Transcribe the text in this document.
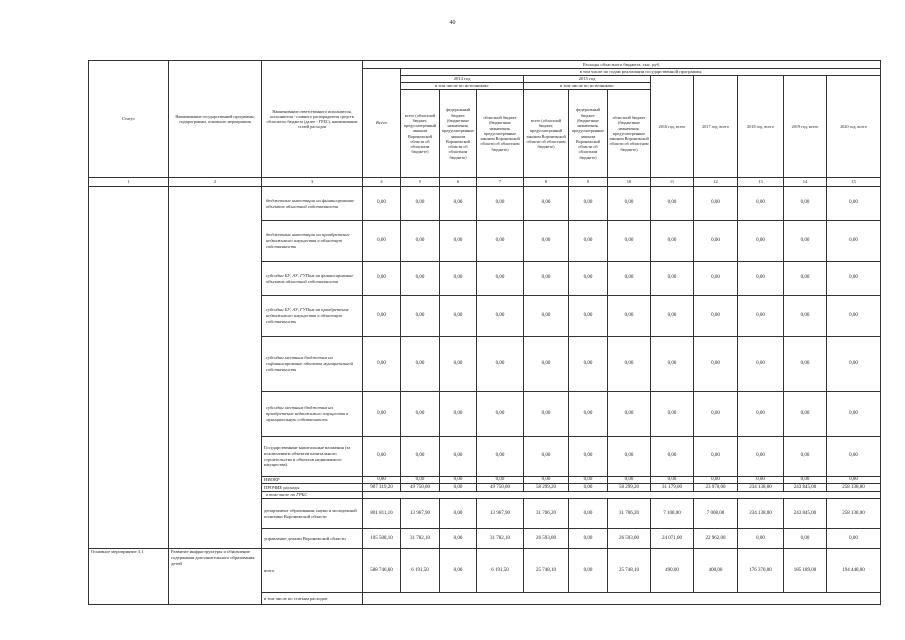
40
Статус	Наименование государственной программы, подпрограммы, основного мероприятия	Наименование ответственного исполнителя, исполнителя - главного распорядителя средств областного бюджета (далее - ГРБС), наименование статей расходов	Расходы областного бюджета, тыс. руб.											
			Всего	в том числе по годам реализации государственной программы										
				2014 год			2015 год			2016 год, всего	2017 год, всего	2018 год, всего	2019 год, всего	2020 год, всего
				в том числе по источникам:			в том числе по источникам:							
				всего (областной бюджет, предусмотренный законом Воронежской области об областном бюджете)	федеральный бюджет (бюджетные назначения, предусмотренные законом Воронежской области об областном бюджете)	областной бюджет (бюджетные назначения, предусмотренные законом Воронежской области об областном бюджете)	всего (областной бюджет, предусмотренный законом Воронежской области об областном бюджете)	федеральный бюджет (бюджетные назначения, предусмотренные законом Воронежской области об областном бюджете)	областной бюджет (бюджетные назначения, предусмотренные законом Воронежской области об областном бюджете)					
1	2	3	4	5	6	7	8	9	10	11	12	13	14	15
		бюджетные инвестиции на финансирование объектов областной собственности	0,00	0,00	0,00	0,00	0,00	0,00	0,00	0,00	0,00	0,00	0,00	0,00
		бюджетные инвестиции на приобретение недвижимого имущества в областную собственность	0,00	0,00	0,00	0,00	0,00	0,00	0,00	0,00	0,00	0,00	0,00	0,00
		субсидии БУ, АУ, ГУПам на финансирование объектов областной собственности	0,00	0,00	0,00	0,00	0,00	0,00	0,00	0,00	0,00	0,00	0,00	0,00
		субсидии БУ, АУ, ГУПам на приобретение недвижимого имущества в областную собственность	0,00	0,00	0,00	0,00	0,00	0,00	0,00	0,00	0,00	0,00	0,00	0,00
		субсидии местным бюджетам на софинансирование объектов муниципальной собственности	0,00	0,00	0,00	0,00	0,00	0,00	0,00	0,00	0,00	0,00	0,00	0,00
		субсидии местным бюджетам на приобретение недвижимого имущества в муниципальную собственность	0,00	0,00	0,00	0,00	0,00	0,00	0,00	0,00	0,00	0,00	0,00	0,00
		Государственные капитальные вложения (за исключением объектов капитального строительства и объектов недвижимого имущества)	0,00	0,00	0,00	0,00	0,00	0,00	0,00	0,00	0,00	0,00	0,00	0,00
		НИОКР	0,00	0,00	0,00	0,00	0,00	0,00	0,00	0,00	0,00	0,00	0,00	0,00
		ПРОЧИЕ расходы	907 319,20	49 750,00	0,00	49 750,00	58 299,20	0,00	58 299,20	31 179,00	23 970,00	234 138,00	243 845,00	258 138,00
		в том числе по ГРБС												
		департамент образования, науки и молодежной политики Воронежской области	801 811,10	13 967,90	0,00	13 967,90	31 706,20	0,00	31 706,20	7 108,00	7 008,00	234 138,00	243 845,00	258 138,00
		управление делами Воронежской области	105 508,10	31 782,10	0,00	31 782,10	26 593,00	0,00	26 593,00	24 071,00	22 962,00	0,00	0,00	0,00
Основное мероприятие 3.1	Развитие инфраструктуры и обновление содержания дополнительного образования детей	всего	588 746,60	6 191,50	0,00	6 191,50	25 748,10	0,00	25 748,10	490,00	400,00	176 370,00	185 189,00	194 448,00
		в том числе по статьям расходов												
